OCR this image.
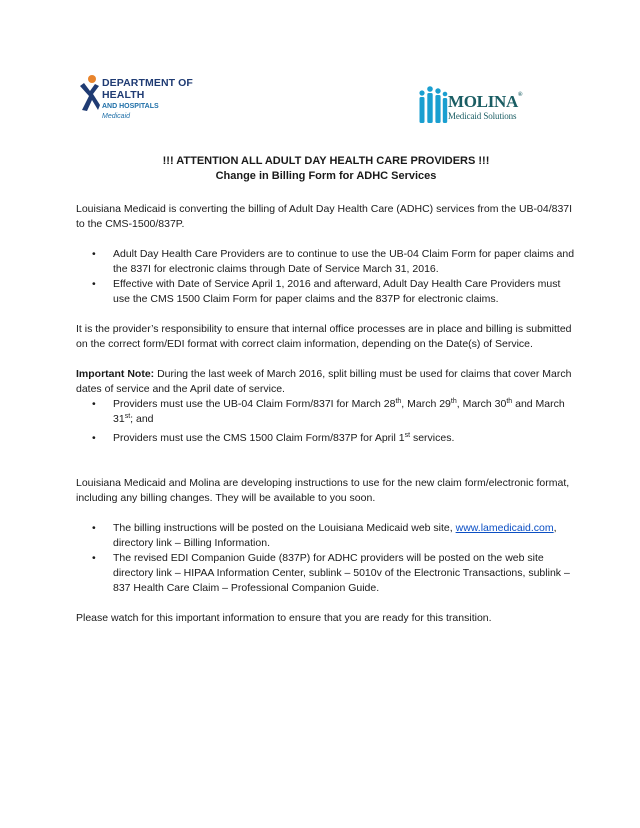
DEPARTMENT OF
HEALTH
AND HOSPITALS
Medicaid
MOLINA®
Medicaid Solutions

!!! ATTENTION ALL ADULT DAY HEALTH CARE PROVIDERS !!!

Change in Billing Form for ADHC Services

Louisiana Medicaid is converting the billing of Adult Day Health Care (ADHC) services from the UB-04/837I to the CMS-1500/837P.

• Adult Day Health Care Providers are to continue to use the UB-04 Claim Form for paper claims and the 837I for electronic claims through Date of Service March 31, 2016.
• Effective with Date of Service April 1, 2016 and afterward, Adult Day Health Care Providers must use the CMS 1500 Claim Form for paper claims and the 837P for electronic claims.

It is the provider’s responsibility to ensure that internal office processes are in place and billing is submitted on the correct form/EDI format with correct claim information, depending on the Date(s) of Service.

Important Note: During the last week of March 2016, split billing must be used for claims that cover March dates of service and the April date of service.

• Providers must use the UB-04 Claim Form/837I for March 28th, March 29th, March 30th and March 31st; and
• Providers must use the CMS 1500 Claim Form/837P for April 1st services.

Louisiana Medicaid and Molina are developing instructions to use for the new claim form/electronic format, including any billing changes. They will be available to you soon.

• The billing instructions will be posted on the Louisiana Medicaid web site, www.lamedicaid.com, directory link – Billing Information.
• The revised EDI Companion Guide (837P) for ADHC providers will be posted on the web site directory link – HIPAA Information Center, sublink – 5010v of the Electronic Transactions, sublink – 837 Health Care Claim – Professional Companion Guide.

Please watch for this important information to ensure that you are ready for this transition.
